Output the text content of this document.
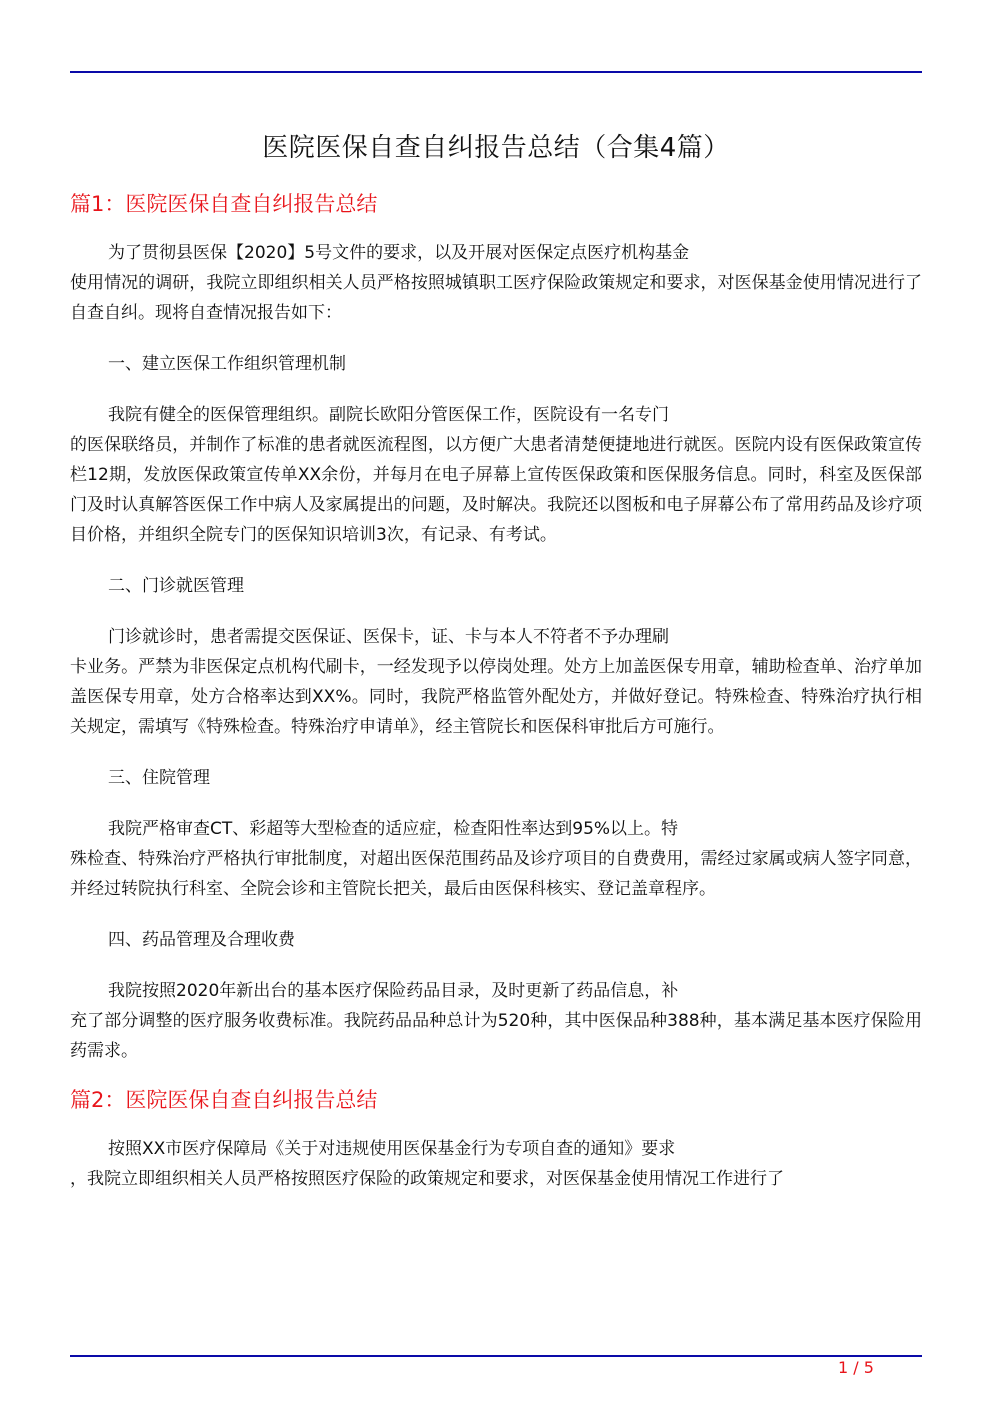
医院医保自查自纠报告总结（合集4篇）
篇1：医院医保自查自纠报告总结

为了贯彻县医保【2020】5号文件的要求，以及开展对医保定点医疗机构基金
使用情况的调研，我院立即组织相关人员严格按照城镇职工医疗保险政策规定和要求，对医保基金使用情况进行了自查自纠。现将自查情况报告如下：

一、建立医保工作组织管理机制

我院有健全的医保管理组织。副院长欧阳分管医保工作，医院设有一名专门
的医保联络员，并制作了标准的患者就医流程图，以方便广大患者清楚便捷地进行就医。医院内设有医保政策宣传栏12期，发放医保政策宣传单XX余份，并每月在电子屏幕上宣传医保政策和医保服务信息。同时，科室及医保部门及时认真解答医保工作中病人及家属提出的问题，及时解决。我院还以图板和电子屏幕公布了常用药品及诊疗项目价格，并组织全院专门的医保知识培训3次，有记录、有考试。

二、门诊就医管理

门诊就诊时，患者需提交医保证、医保卡，证、卡与本人不符者不予办理刷
卡业务。严禁为非医保定点机构代刷卡，一经发现予以停岗处理。处方上加盖医保专用章，辅助检查单、治疗单加盖医保专用章，处方合格率达到XX%。同时，我院严格监管外配处方，并做好登记。特殊检查、特殊治疗执行相关规定，需填写《特殊检查。特殊治疗申请单》，经主管院长和医保科审批后方可施行。

三、住院管理

我院严格审查CT、彩超等大型检查的适应症，检查阳性率达到95%以上。特
殊检查、特殊治疗严格执行审批制度，对超出医保范围药品及诊疗项目的自费费用，需经过家属或病人签字同意，并经过转院执行科室、全院会诊和主管院长把关，最后由医保科核实、登记盖章程序。

四、药品管理及合理收费

我院按照2020年新出台的基本医疗保险药品目录，及时更新了药品信息，补
充了部分调整的医疗服务收费标准。我院药品品种总计为520种，其中医保品种388种，基本满足基本医疗保险用药需求。

篇2：医院医保自查自纠报告总结

按照XX市医疗保障局《关于对违规使用医保基金行为专项自查的通知》要求
，我院立即组织相关人员严格按照医疗保险的政策规定和要求，对医保基金使用情况工作进行了

1 / 5
